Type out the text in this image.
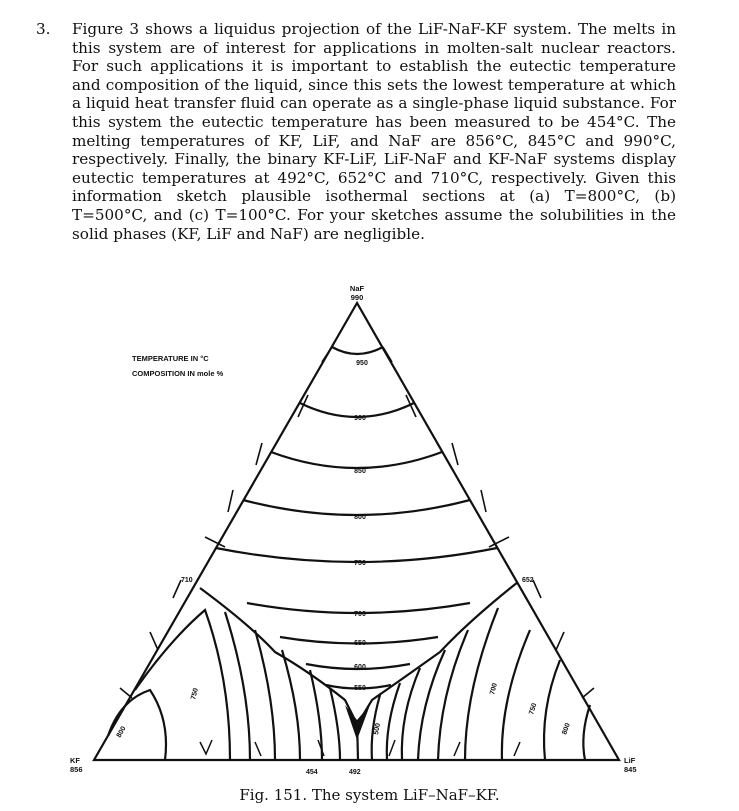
3. Figure 3 shows a liquidus projection of the LiF-NaF-KF system. The melts in this system are of interest for applications in molten-salt nuclear reactors. For such applications it is important to establish the eutectic temperature and composition of the liquid, since this sets the lowest temperature at which a liquid heat transfer fluid can operate as a single-phase liquid substance. For this system the eutectic temperature has been measured to be 454°C. The melting temperatures of KF, LiF, and NaF are 856°C, 845°C and 990°C, respectively. Finally, the binary KF-LiF, LiF-NaF and KF-NaF systems display eutectic temperatures at 492°C, 652°C and 710°C, respectively. Given this information sketch plausible isothermal sections at (a) T=800°C, (b) T=500°C, and (c) T=100°C. For your sketches assume the solubilities in the solid phases (KF, LiF and NaF) are negligible.
TEMPERATURE IN °C
COMPOSITION IN mole %
NaF
990
KF
856
LiF
845
710	652
454	492
950
900
850
800
750
700
650
600
550
750
800
700
750
800
500
Fig. 151. The system LiF–NaF–KF.
